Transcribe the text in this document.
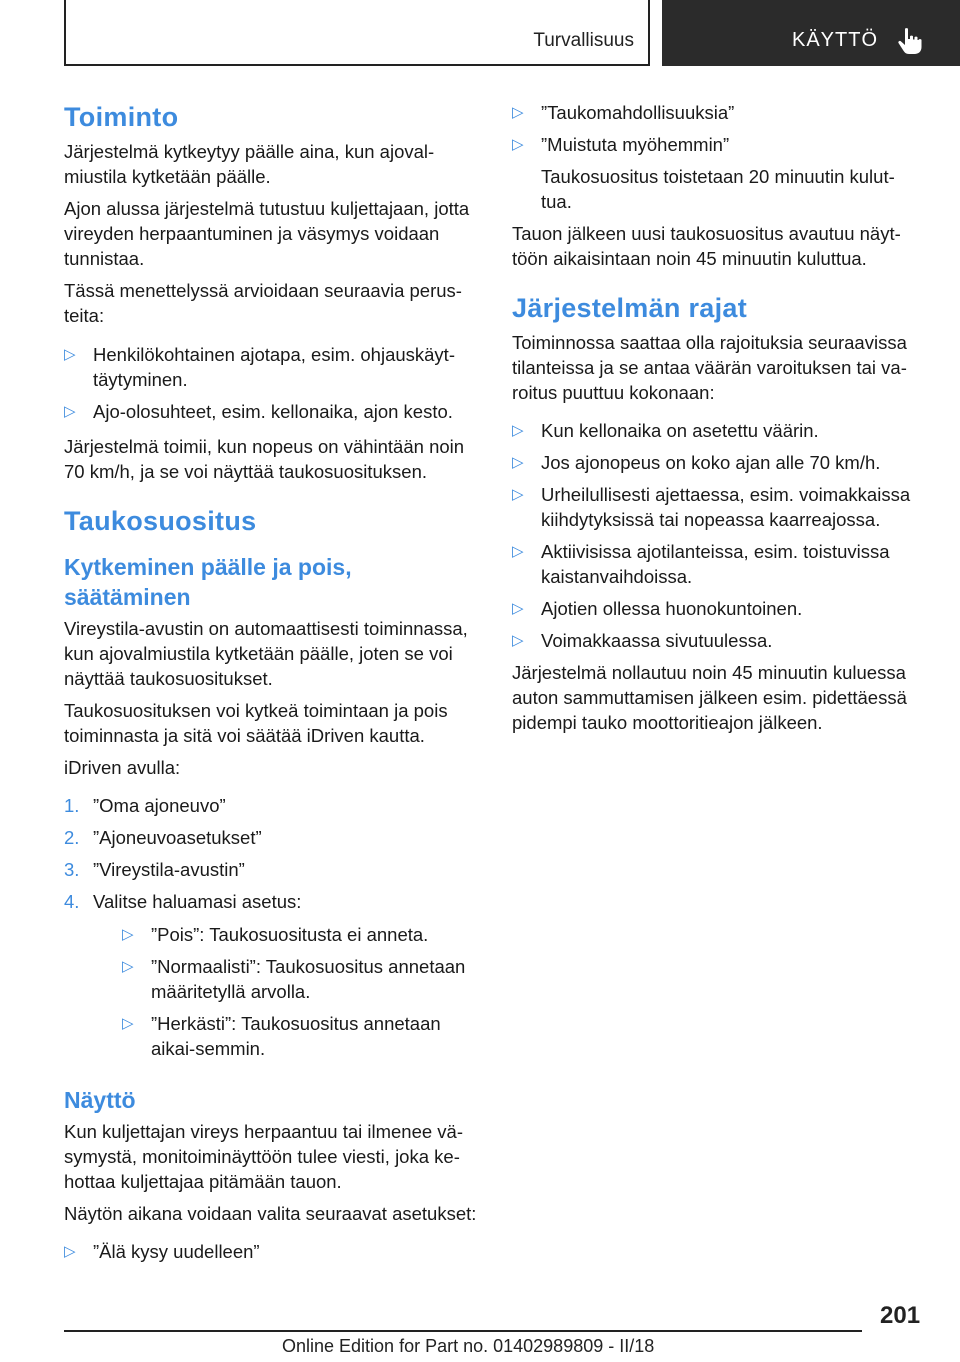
Turvallisuus	KÄYTTÖ
Toiminto

Järjestelmä kytkeytyy päälle aina, kun ajoval-miustila kytketään päälle.

Ajon alussa järjestelmä tutustuu kuljettajaan, jotta vireyden herpaantuminen ja väsymys voidaan tunnistaa.

Tässä menettelyssä arvioidaan seuraavia perus-teita:

▷ Henkilökohtainen ajotapa, esim. ohjauskäyt-täytyminen.
▷ Ajo-olosuhteet, esim. kellonaika, ajon kesto.

Järjestelmä toimii, kun nopeus on vähintään noin 70 km/h, ja se voi näyttää taukosuosituksen.

Taukosuositus
Kytkeminen päälle ja pois, säätäminen

Vireystila-avustin on automaattisesti toiminnassa, kun ajovalmiustila kytketään päälle, joten se voi näyttää taukosuositukset.

Taukosuosituksen voi kytkeä toimintaan ja pois toiminnasta ja sitä voi säätää iDriven kautta.

iDriven avulla:

1. ”Oma ajoneuvo”
2. ”Ajoneuvoasetukset”
3. ”Vireystila-avustin”
4. Valitse haluamasi asetus:
▷ ”Pois”: Taukosuositusta ei anneta.
▷ ”Normaalisti”: Taukosuositus annetaan määritetyllä arvolla.
▷ ”Herkästi”: Taukosuositus annetaan aikai-semmin.
Näyttö

Kun kuljettajan vireys herpaantuu tai ilmenee vä-symystä, monitoiminäyttöön tulee viesti, joka ke-hottaa kuljettajaa pitämään tauon.

Näytön aikana voidaan valita seuraavat asetukset:

▷ ”Älä kysy uudelleen”
▷ ”Taukomahdollisuuksia”
▷ ”Muistuta myöhemmin”

Taukosuositus toistetaan 20 minuutin kulut-tua.

Tauon jälkeen uusi taukosuositus avautuu näyt-töön aikaisintaan noin 45 minuutin kuluttua.

Järjestelmän rajat

Toiminnossa saattaa olla rajoituksia seuraavissa tilanteissa ja se antaa väärän varoituksen tai va-roitus puuttuu kokonaan:

▷ Kun kellonaika on asetettu väärin.
▷ Jos ajonopeus on koko ajan alle 70 km/h.
▷ Urheilullisesti ajettaessa, esim. voimakkaissa kiihdytyksissä tai nopeassa kaarreajossa.
▷ Aktiivisissa ajotilanteissa, esim. toistuvissa kaistanvaihdoissa.
▷ Ajotien ollessa huonokuntoinen.
▷ Voimakkaassa sivutuulessa.

Järjestelmä nollautuu noin 45 minuutin kuluessa auton sammuttamisen jälkeen esim. pidettäessä pidempi tauko moottoritieajon jälkeen.

201
Online Edition for Part no. 01402989809 - II/18
